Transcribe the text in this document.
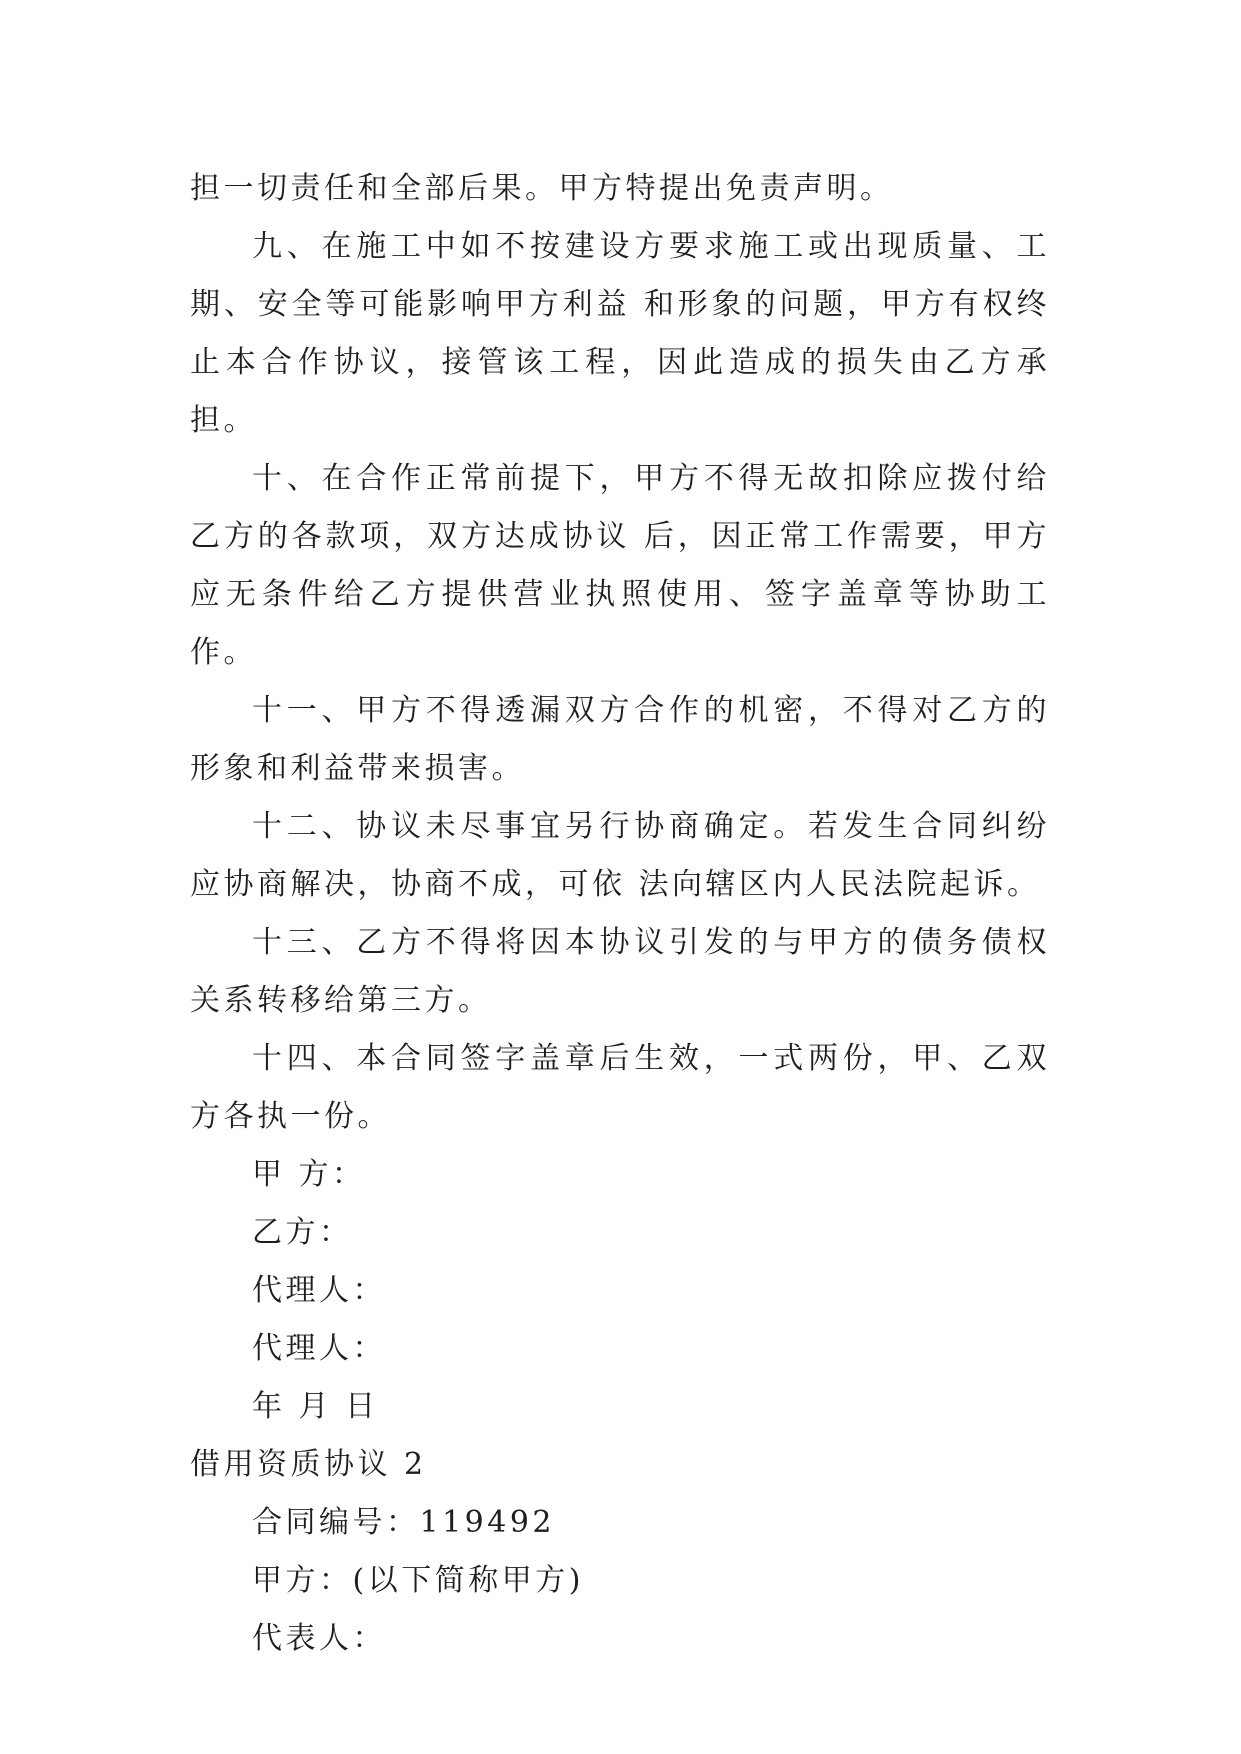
担一切责任和全部后果。甲方特提出免责声明。

九、在施工中如不按建设方要求施工或出现质量、工期、安全等可能影响甲方利益 和形象的问题，甲方有权终止本合作协议，接管该工程，因此造成的损失由乙方承担。

十、在合作正常前提下，甲方不得无故扣除应拨付给乙方的各款项，双方达成协议 后，因正常工作需要，甲方应无条件给乙方提供营业执照使用、签字盖章等协助工作。

十一、甲方不得透漏双方合作的机密，不得对乙方的形象和利益带来损害。

十二、协议未尽事宜另行协商确定。若发生合同纠纷应协商解决，协商不成，可依 法向辖区内人民法院起诉。

十三、乙方不得将因本协议引发的与甲方的债务债权关系转移给第三方。

十四、本合同签字盖章后生效，一式两份，甲、乙双方各执一份。

甲 方：

乙方：

代理人：

代理人：

年 月 日

借用资质协议 2

合同编号：119492

甲方：(以下简称甲方)

代表人：
